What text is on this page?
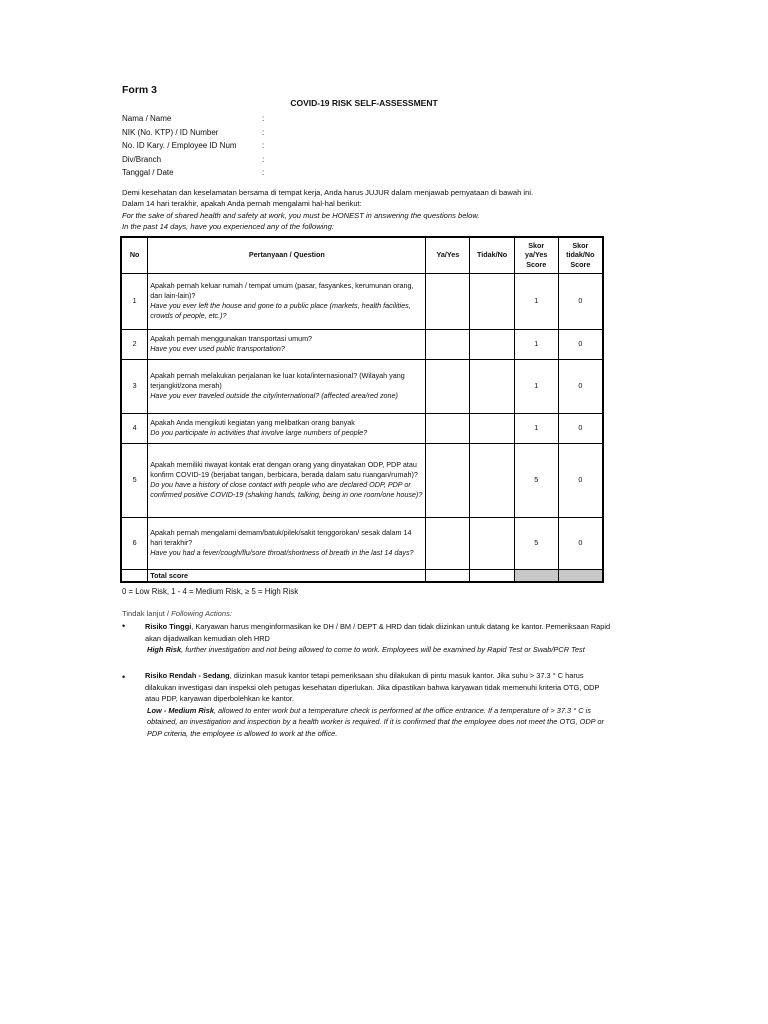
Form 3
COVID-19 RISK SELF-ASSESSMENT
Nama / Name	:
NIK (No. KTP) / ID Number	:
No. ID Kary. / Employee ID Num	:
Div/Branch	:
Tanggal / Date	:
Demi kesehatan dan keselamatan bersama di tempat kerja, Anda harus JUJUR dalam menjawab pernyataan di bawah ini.
Dalam 14 hari terakhir, apakah Anda pernah mengalami hal-hal berikut:
For the sake of shared health and safety at work, you must be HONEST in answering the questions below.
In the past 14 days, have you experienced any of the following:
No	Pertanyaan / Question	Ya/Yes	Tidak/No	Skor ya/Yes Score	Skor tidak/No Score
1	Apakah pernah keluar rumah / tempat umum (pasar, fasyankes, kerumunan orang, dan lain-lain)?
Have you ever left the house and gone to a public place (markets, health facilities, crowds of people, etc.)?			1	0
2	Apakah pernah menggunakan transportasi umum?
Have you ever used public transportation?			1	0
3	Apakah pernah melakukan perjalanan ke luar kota/internasional? (Wilayah yang terjangkit/zona merah)
Have you ever traveled outside the city/international? (affected area/red zone)			1	0
4	Apakah Anda mengikuti kegiatan yang melibatkan orang banyak
Do you participate in activities that involve large numbers of people?			1	0
5	Apakah memiliki riwayat kontak erat dengan orang yang dinyatakan ODP, PDP atau konfirm COVID-19 (berjabat tangan, berbicara, berada dalam satu ruangan/rumah)?
Do you have a history of close contact with people who are declared ODP, PDP or confirmed positive COVID-19 (shaking hands, talking, being in one room/one house)?			5	0
6	Apakah pernah mengalami demam/batuk/pilek/sakit tenggorokan/ sesak dalam 14 hari terakhir?
Have you had a fever/cough/flu/sore throat/shortness of breath in the last 14 days?			5	0
	Total score				
0 = Low Risk, 1 - 4 = Medium Risk, ≥ 5 = High Risk
Tindak lanjut / Following Actions:
•	Risiko Tinggi, Karyawan harus menginformasikan ke DH / BM / DEPT & HRD dan tidak diizinkan untuk datang ke kantor. Pemeriksaan Rapid akan dijadwalkan kemudian oleh HRD
High Risk, further investigation and not being allowed to come to work. Employees will be examined by Rapid Test or Swab/PCR Test
•	Risiko Rendah - Sedang, diizinkan masuk kantor tetapi pemeriksaan shu dilakukan di pintu masuk kantor. Jika suhu > 37.3 ° C harus dilakukan investigasi dan inspeksi oleh petugas kesehatan diperlukan. Jika dipastikan bahwa karyawan tidak memenuhi kriteria OTG, ODP atau PDP, karyawan diperbolehkan ke kantor.
Low - Medium Risk, allowed to enter work but a temperature check is performed at the office entrance. If a temperature of > 37.3 ° C is obtained, an investigation and inspection by a health worker is required. If it is confirmed that the employee does not meet the OTG, ODP or PDP criteria, the employee is allowed to work at the office.
